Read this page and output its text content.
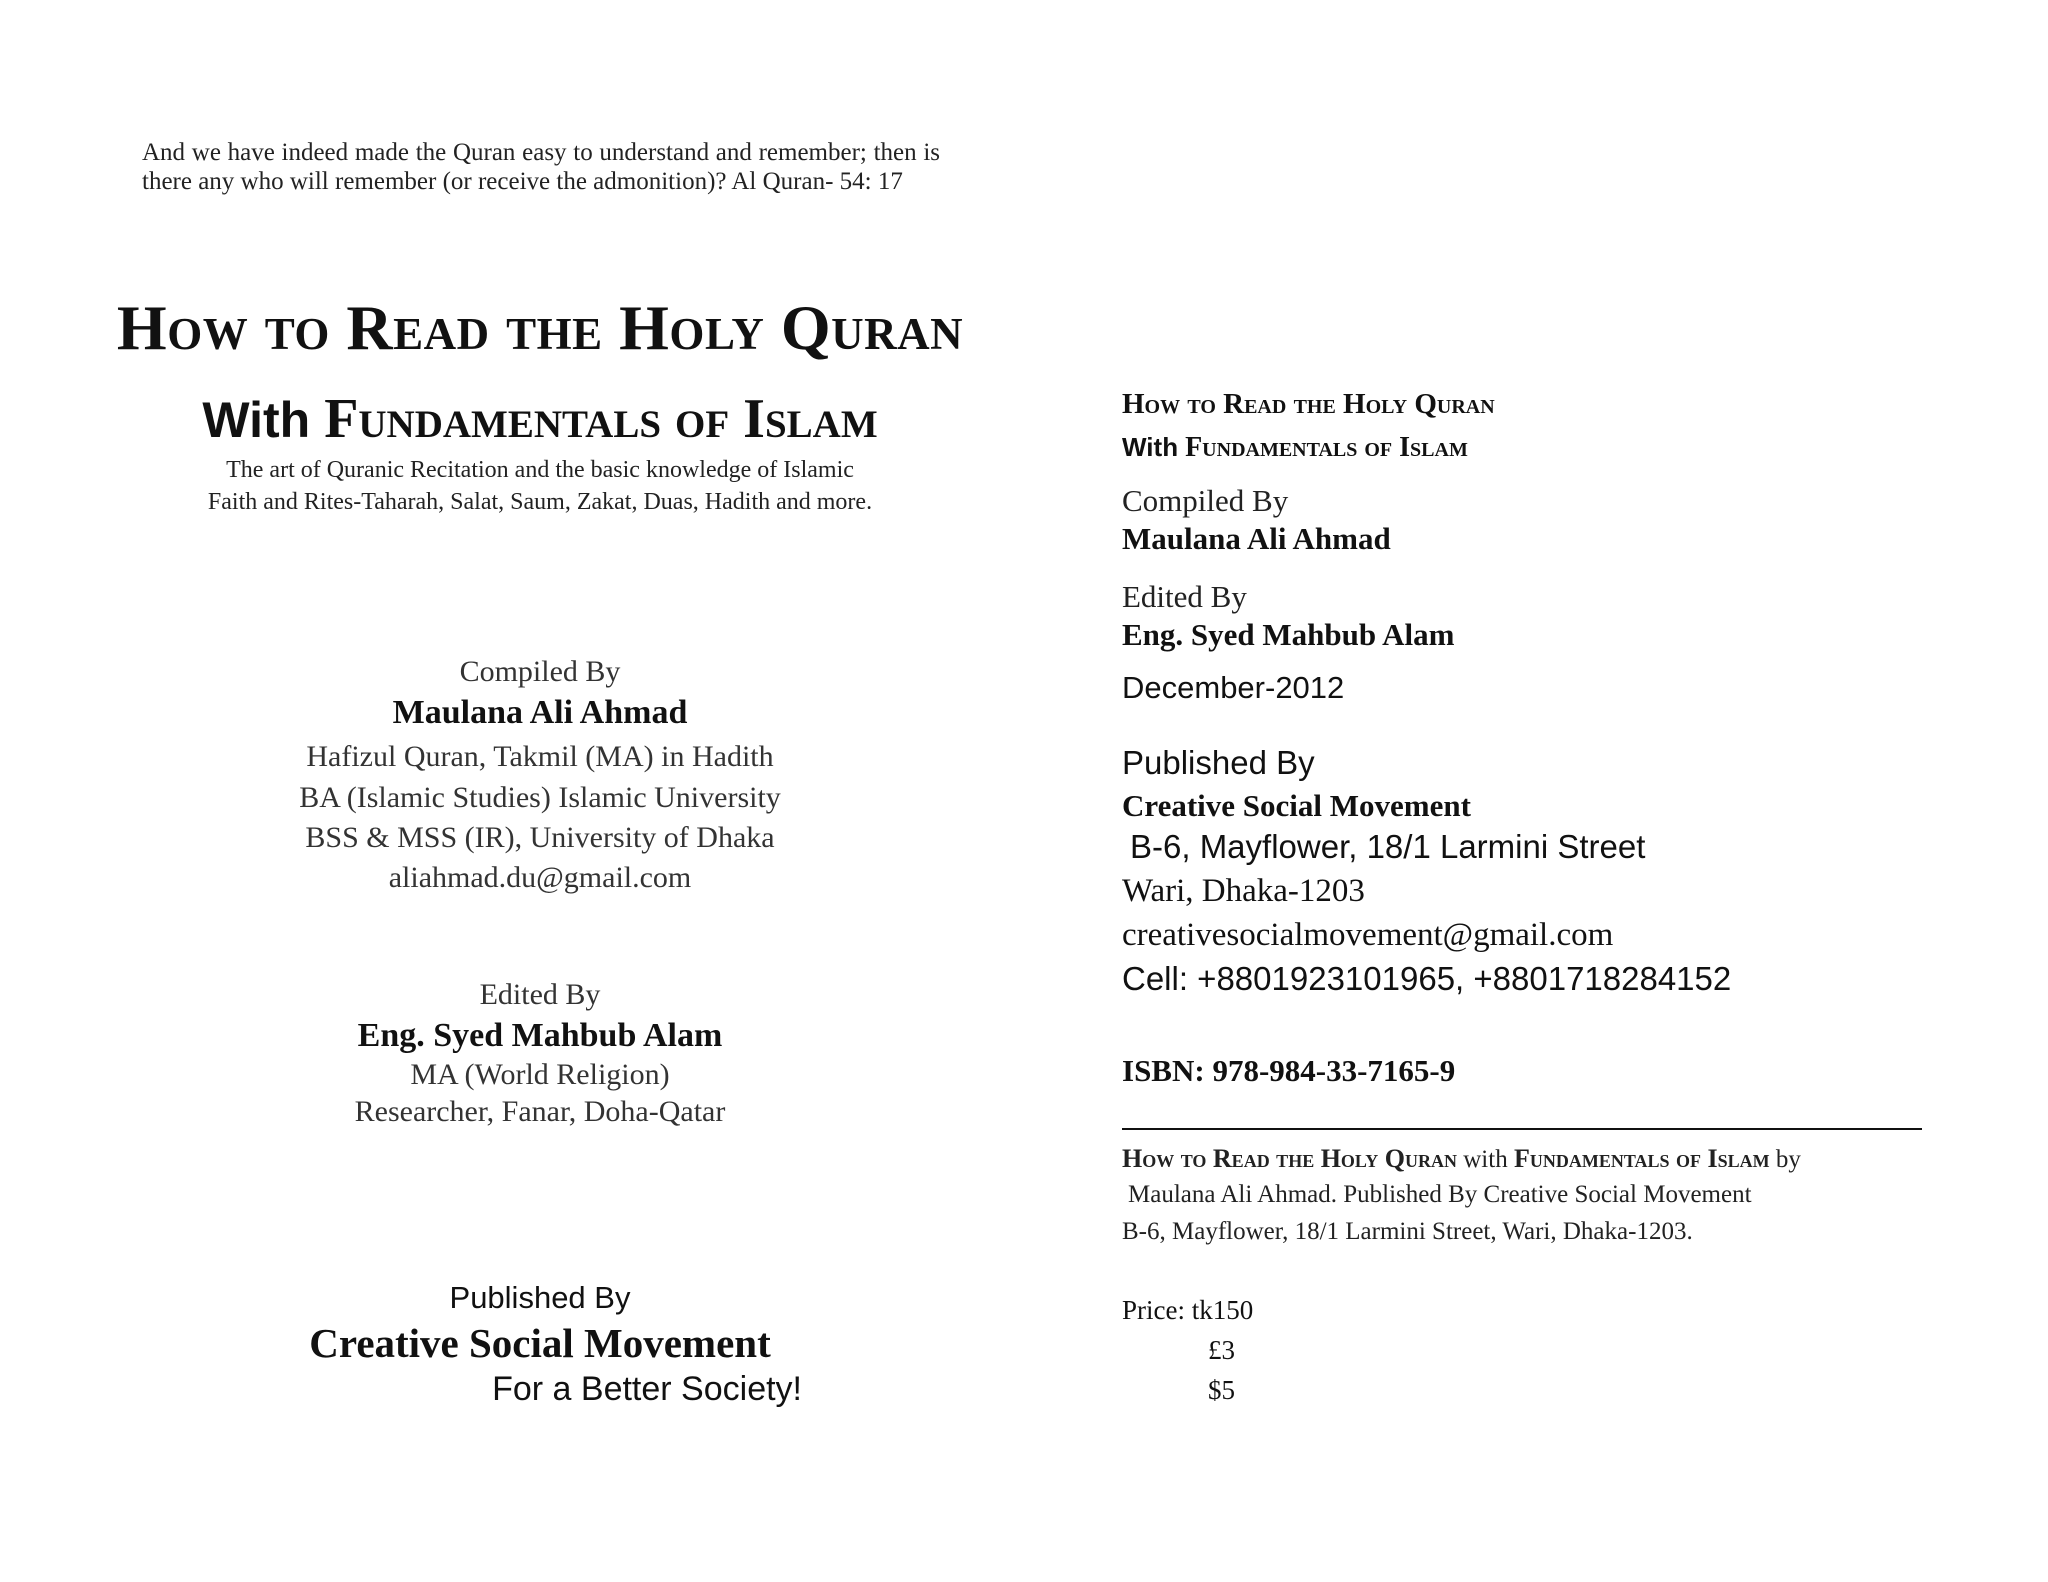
And we have indeed made the Quran easy to understand and remember; then is there any who will remember (or receive the admonition)? Al Quran- 54: 17
How to Read the Holy Quran
With Fundamentals of Islam
The art of Quranic Recitation and the basic knowledge of Islamic
Faith and Rites-Taharah, Salat, Saum, Zakat, Duas, Hadith and more.
Compiled By
Maulana Ali Ahmad
Hafizul Quran, Takmil (MA) in Hadith
BA (Islamic Studies) Islamic University
BSS & MSS (IR), University of Dhaka
aliahmad.du@gmail.com
Edited By
Eng. Syed Mahbub Alam
MA (World Religion)
Researcher, Fanar, Doha-Qatar
Published By
Creative Social Movement
For a Better Society!
How to Read the Holy Quran
With Fundamentals of Islam
Compiled By
Maulana Ali Ahmad
Edited By
Eng. Syed Mahbub Alam
December-2012
Published By
Creative Social Movement
B-6, Mayflower, 18/1 Larmini Street
Wari, Dhaka-1203
creativesocialmovement@gmail.com
Cell: +8801923101965, +8801718284152
ISBN: 978-984-33-7165-9
How to Read the Holy Quran with Fundamentals of Islam by
Maulana Ali Ahmad. Published By Creative Social Movement
B-6, Mayflower, 18/1 Larmini Street, Wari, Dhaka-1203.
Price: tk150
£3
$5
